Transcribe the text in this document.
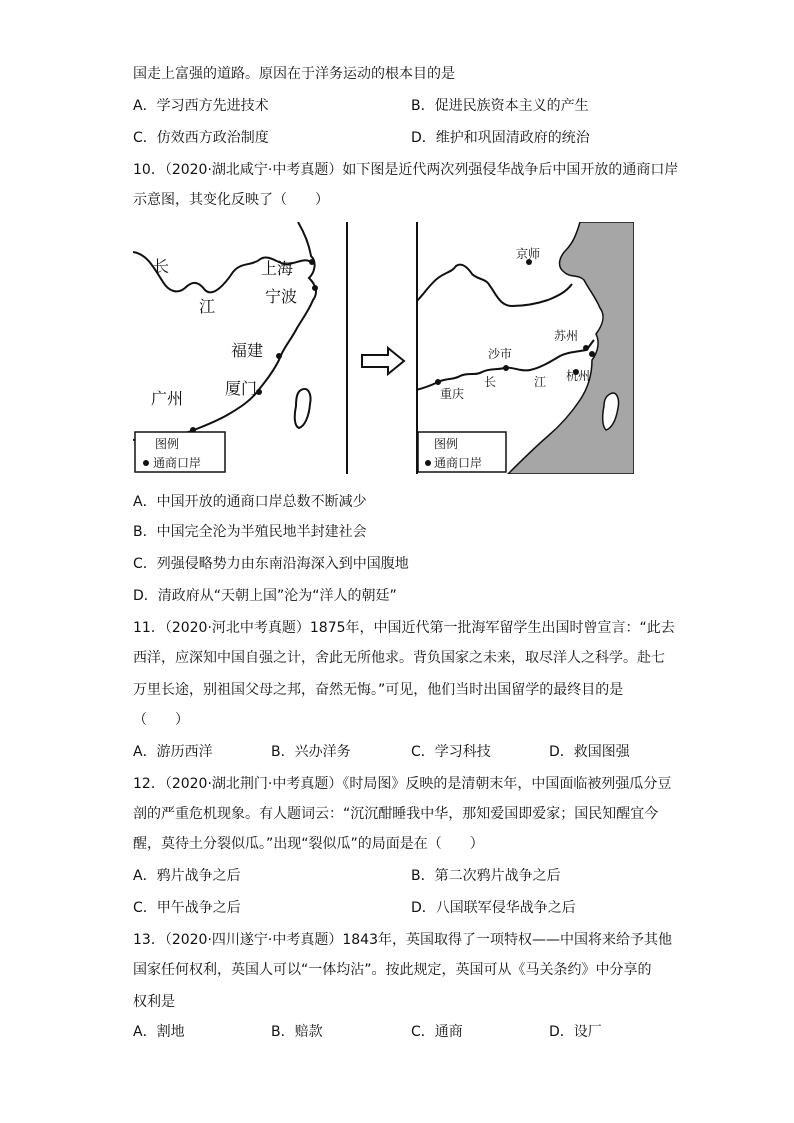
国走上富强的道路。原因在于洋务运动的根本目的是
A．学习西方先进技术	B．促进民族资本主义的产生
C．仿效西方政治制度	D．维护和巩固清政府的统治
10．（2020·湖北咸宁·中考真题）如下图是近代两次列强侵华战争后中国开放的通商口岸
示意图，其变化反映了（　　）
长
江
上海
宁波
福建
厦门
广州
图例
通商口岸
京师
苏州
沙市
长	江 杭州
重庆
图例
通商口岸
A．中国开放的通商口岸总数不断减少
B．中国完全沦为半殖民地半封建社会
C．列强侵略势力由东南沿海深入到中国腹地
D．清政府从“天朝上国”沦为“洋人的朝廷”
11．（2020·河北中考真题）1875年，中国近代第一批海军留学生出国时曾宣言：“此去
西洋，应深知中国自强之计，舍此无所他求。背负国家之未来，取尽洋人之科学。赴七
万里长途，别祖国父母之邦，奋然无悔。”可见，他们当时出国留学的最终目的是
（　　）
A．游历西洋	B．兴办洋务	C．学习科技	D．救国图强
12．（2020·湖北荆门·中考真题）《时局图》反映的是清朝末年，中国面临被列强瓜分豆
剖的严重危机现象。有人题词云：“沉沉酣睡我中华，那知爱国即爱家；国民知醒宜今
醒，莫待土分裂似瓜。”出现“裂似瓜”的局面是在（　　）
A．鸦片战争之后	B．第二次鸦片战争之后
C．甲午战争之后	D．八国联军侵华战争之后
13．（2020·四川遂宁·中考真题）1843年，英国取得了一项特权——中国将来给予其他
国家任何权利，英国人可以“一体均沾”。按此规定，英国可从《马关条约》中分享的
权利是
A．割地	B．赔款	C．通商	D．设厂
